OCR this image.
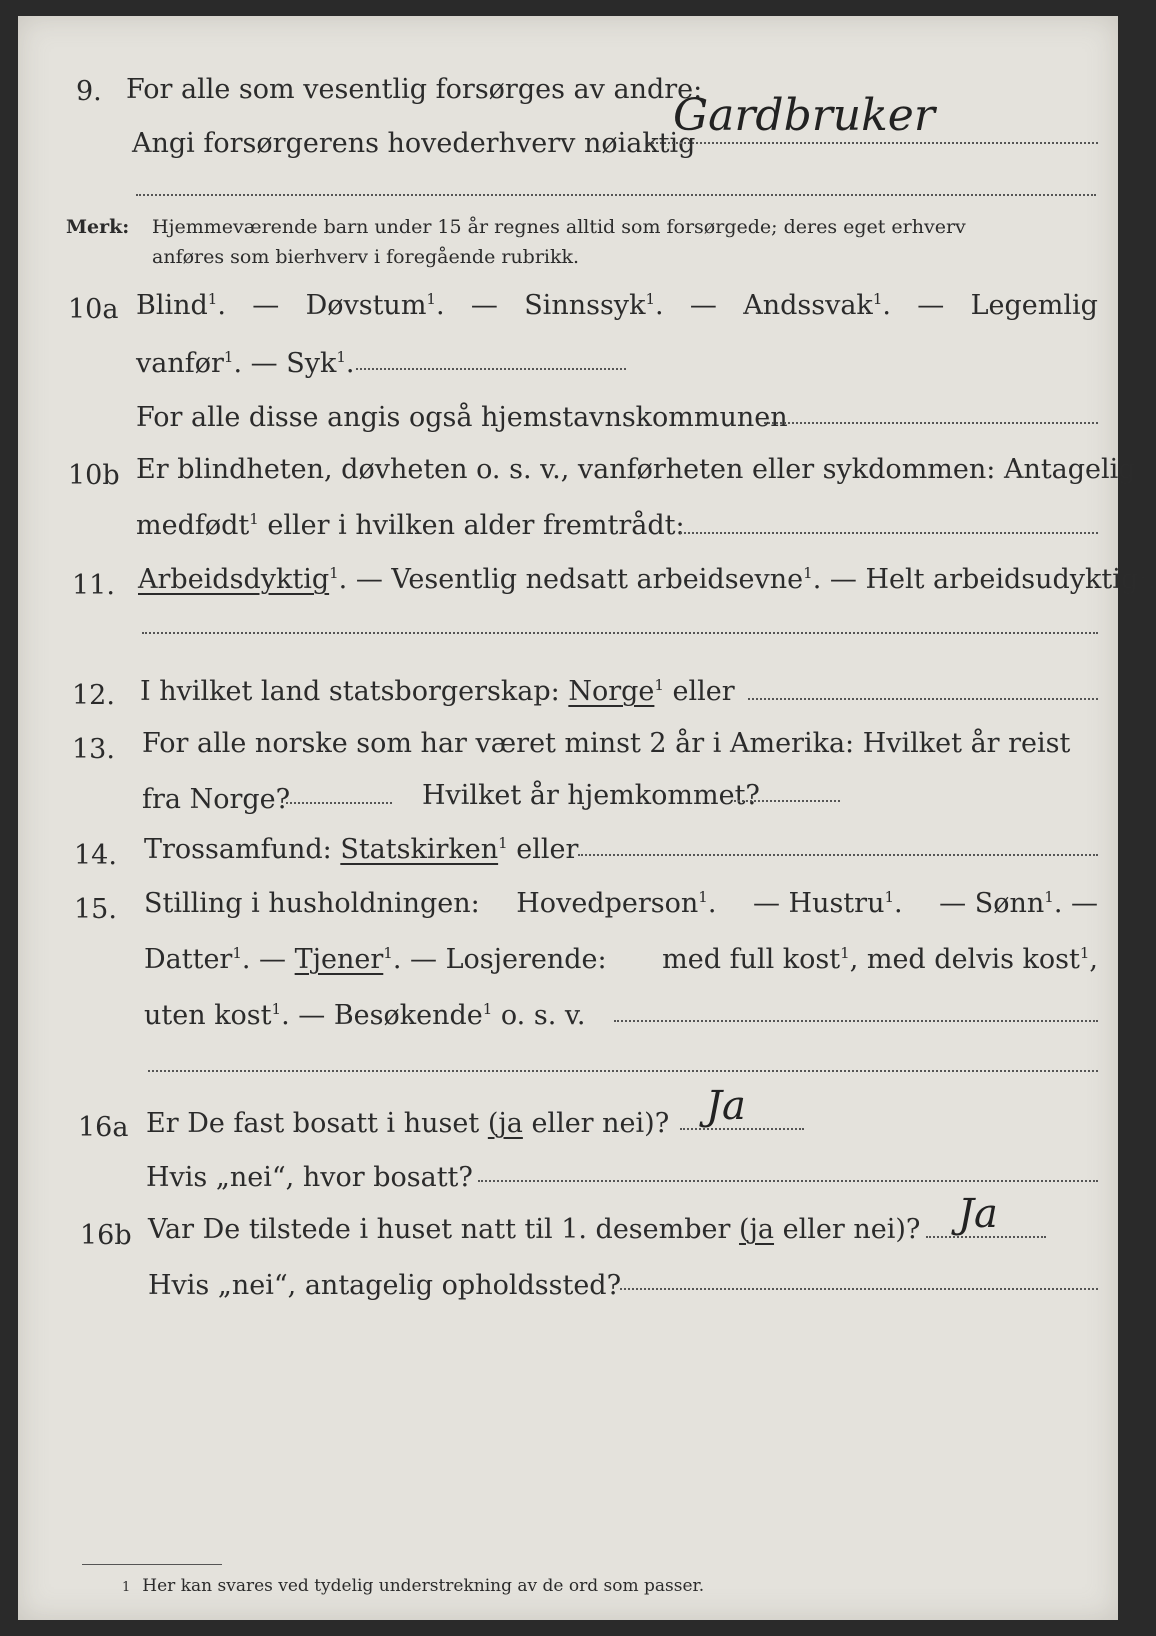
9. For alle som vesentlig forsørges av andre:
Angi forsørgerens hovederhverv nøiaktig
Gardbruker
Merk: Hjemmeværende barn under 15 år regnes alltid som forsørgede; deres eget erhverv
anføres som bierhverv i foregående rubrikk.
10a Blind$^1$. — Døvstum$^1$. — Sinnssyk$^1$. — Andssvak$^1$. — Legemlig
vanfør$^1$. — Syk$^1$.
For alle disse angis også hjemstavnskommunen
10b Er blindheten, døvheten o. s. v., vanførheten eller sykdommen: Antagelig
medfødt$^1$ eller i hvilken alder fremtrådt:
11. Arbeidsdyktig$^1$. — Vesentlig nedsatt arbeidsevne$^1$. — Helt arbeidsudyktig$^1$.
12. I hvilket land statsborgerskap: Norge$^1$ eller
13. For alle norske som har været minst 2 år i Amerika: Hvilket år reist
fra Norge?	Hvilket år hjemkommet?
14. Trossamfund: Statskirken$^1$ eller
15. Stilling i husholdningen: Hovedperson$^1$. — Hustru$^1$. — Sønn$^1$. —
Datter$^1$. — Tjener$^1$. — Losjerende: med full kost$^1$, med delvis kost$^1$,
uten kost$^1$. — Besøkende$^1$ o. s. v.
16a Er De fast bosatt i huset (ja eller nei)? Ja
Hvis „nei“, hvor bosatt?
16b Var De tilstede i huset natt til 1. desember (ja eller nei)? Ja
Hvis „nei“, antagelig opholdssted?
1 Her kan svares ved tydelig understrekning av de ord som passer.
